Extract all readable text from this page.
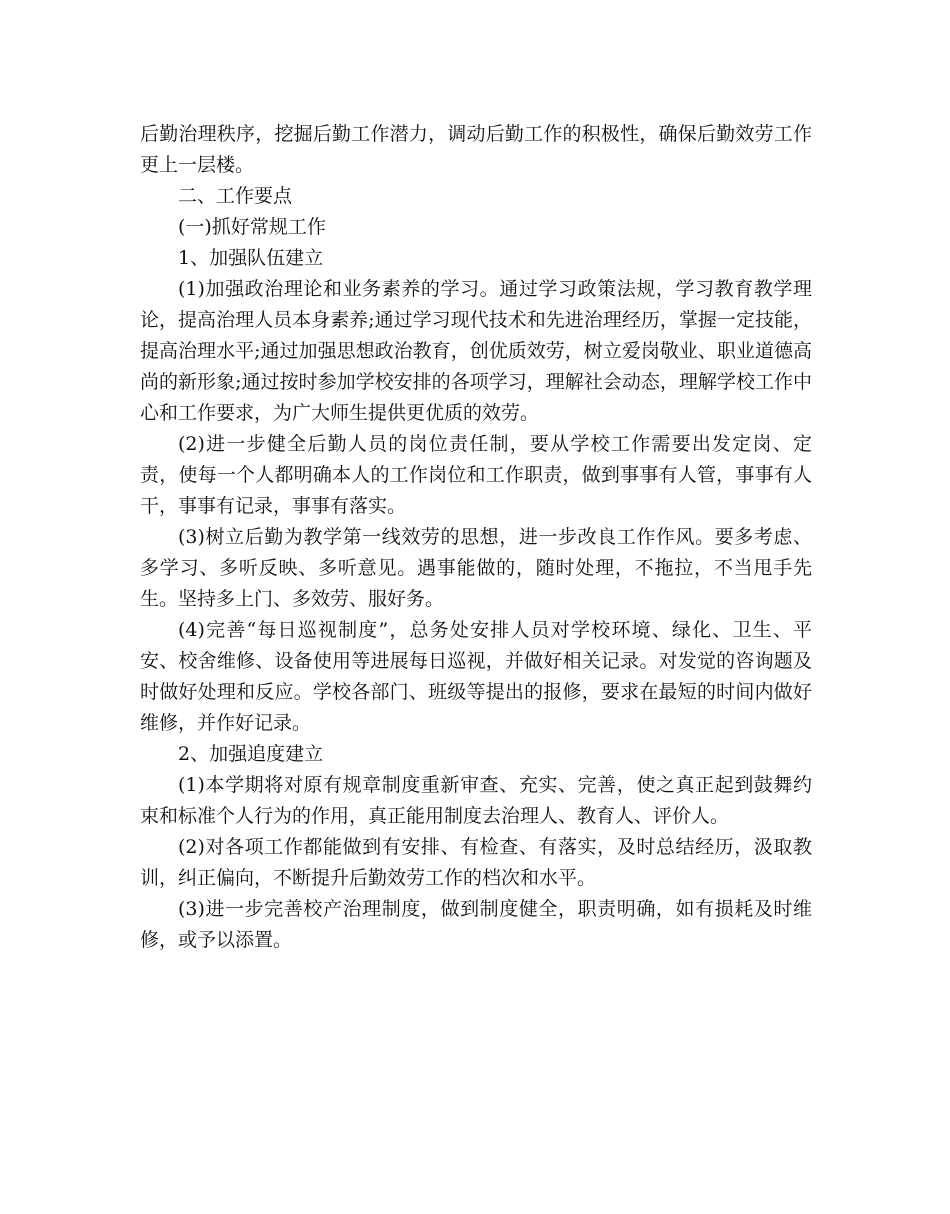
后勤治理秩序，挖掘后勤工作潜力，调动后勤工作的积极性，确保后勤效劳工作更上一层楼。

二、工作要点

(一)抓好常规工作

1、加强队伍建立

(1)加强政治理论和业务素养的学习。通过学习政策法规，学习教育教学理论，提高治理人员本身素养;通过学习现代技术和先进治理经历，掌握一定技能，提高治理水平;通过加强思想政治教育，创优质效劳，树立爱岗敬业、职业道德高尚的新形象;通过按时参加学校安排的各项学习，理解社会动态，理解学校工作中心和工作要求，为广大师生提供更优质的效劳。

(2)进一步健全后勤人员的岗位责任制，要从学校工作需要出发定岗、定责，使每一个人都明确本人的工作岗位和工作职责，做到事事有人管，事事有人干，事事有记录，事事有落实。

(3)树立后勤为教学第一线效劳的思想，进一步改良工作作风。要多考虑、多学习、多听反映、多听意见。遇事能做的，随时处理，不拖拉，不当甩手先生。坚持多上门、多效劳、服好务。

(4)完善“每日巡视制度”，总务处安排人员对学校环境、绿化、卫生、平安、校舍维修、设备使用等进展每日巡视，并做好相关记录。对发觉的咨询题及时做好处理和反应。学校各部门、班级等提出的报修，要求在最短的时间内做好维修，并作好记录。

2、加强追度建立

(1)本学期将对原有规章制度重新审查、充实、完善，使之真正起到鼓舞约束和标准个人行为的作用，真正能用制度去治理人、教育人、评价人。

(2)对各项工作都能做到有安排、有检查、有落实，及时总结经历，汲取教训，纠正偏向，不断提升后勤效劳工作的档次和水平。

(3)进一步完善校产治理制度，做到制度健全，职责明确，如有损耗及时维修，或予以添置。
